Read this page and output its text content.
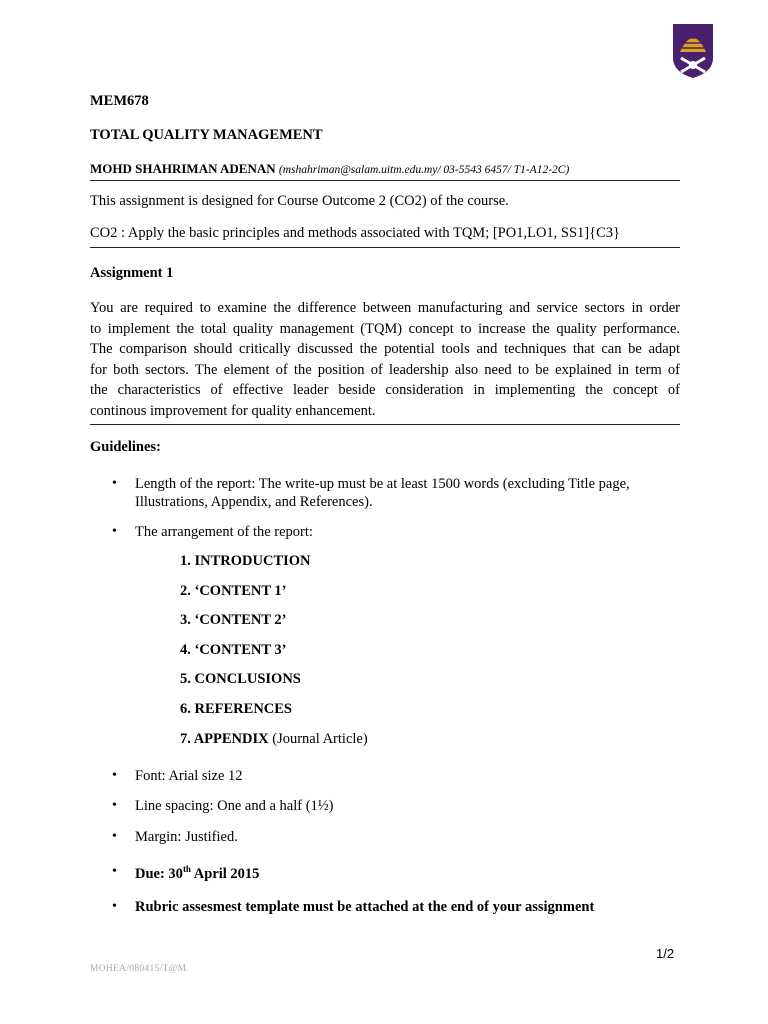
MEM678
TOTAL QUALITY MANAGEMENT
MOHD SHAHRIMAN ADENAN (mshahriman@salam.uitm.edu.my/ 03-5543 6457/ T1-A12-2C)
This assignment is designed for Course Outcome 2 (CO2) of the course.
CO2 : Apply the basic principles and methods associated with TQM; [PO1,LO1, SS1]{C3}
Assignment 1
You are required to examine the difference between manufacturing and service sectors in order
to implement the total quality management (TQM) concept to increase the quality performance.
The comparison should critically discussed the potential tools and techniques that can be adapt
for both sectors. The element of the position of leadership also need to be explained in term of
the characteristics of effective leader beside consideration in implementing the concept of
continous improvement for quality enhancement.
Guidelines:
• Length of the report: The write-up must be at least 1500 words (excluding Title page,
Illustrations, Appendix, and References).
• The arrangement of the report:
1. INTRODUCTION
2. ‘CONTENT 1’
3. ‘CONTENT 2’
4. ‘CONTENT 3’
5. CONCLUSIONS
6. REFERENCES
7. APPENDIX (Journal Article)
• Font: Arial size 12
• Line spacing: One and a half (1½)
• Margin: Justified.
• Due: 30th April 2015
• Rubric assesmest template must be attached at the end of your assignment
1/2
MOHEA/080415/T@M
